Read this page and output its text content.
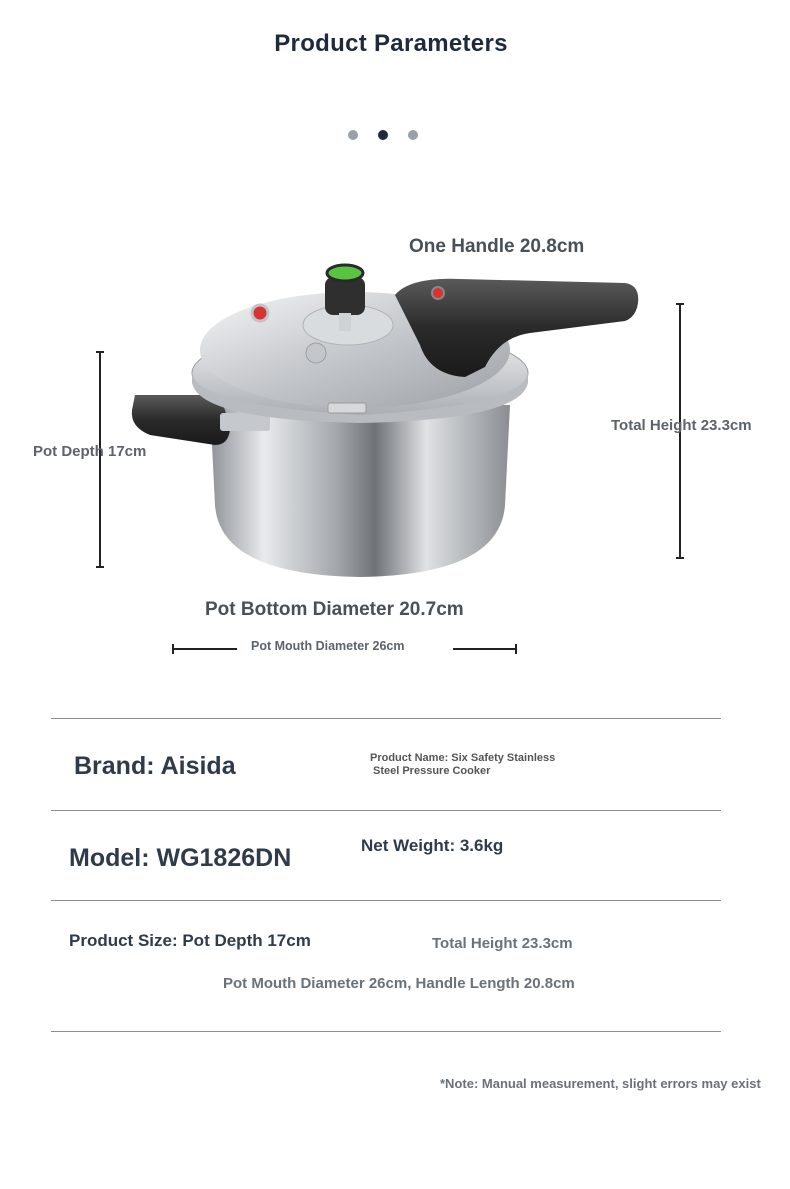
Product Parameters
One Handle 20.8cm
Total Height 23.3cm
Pot Depth 17cm
Pot Bottom Diameter 20.7cm
Pot Mouth Diameter 26cm
Brand: Aisida	Product Name: Six Safety Stainless
Steel Pressure Cooker
Model: WG1826DN	Net Weight: 3.6kg
Product Size: Pot Depth 17cm	Total Height 23.3cm
Pot Mouth Diameter 26cm, Handle Length 20.8cm
*Note: Manual measurement, slight errors may exist
